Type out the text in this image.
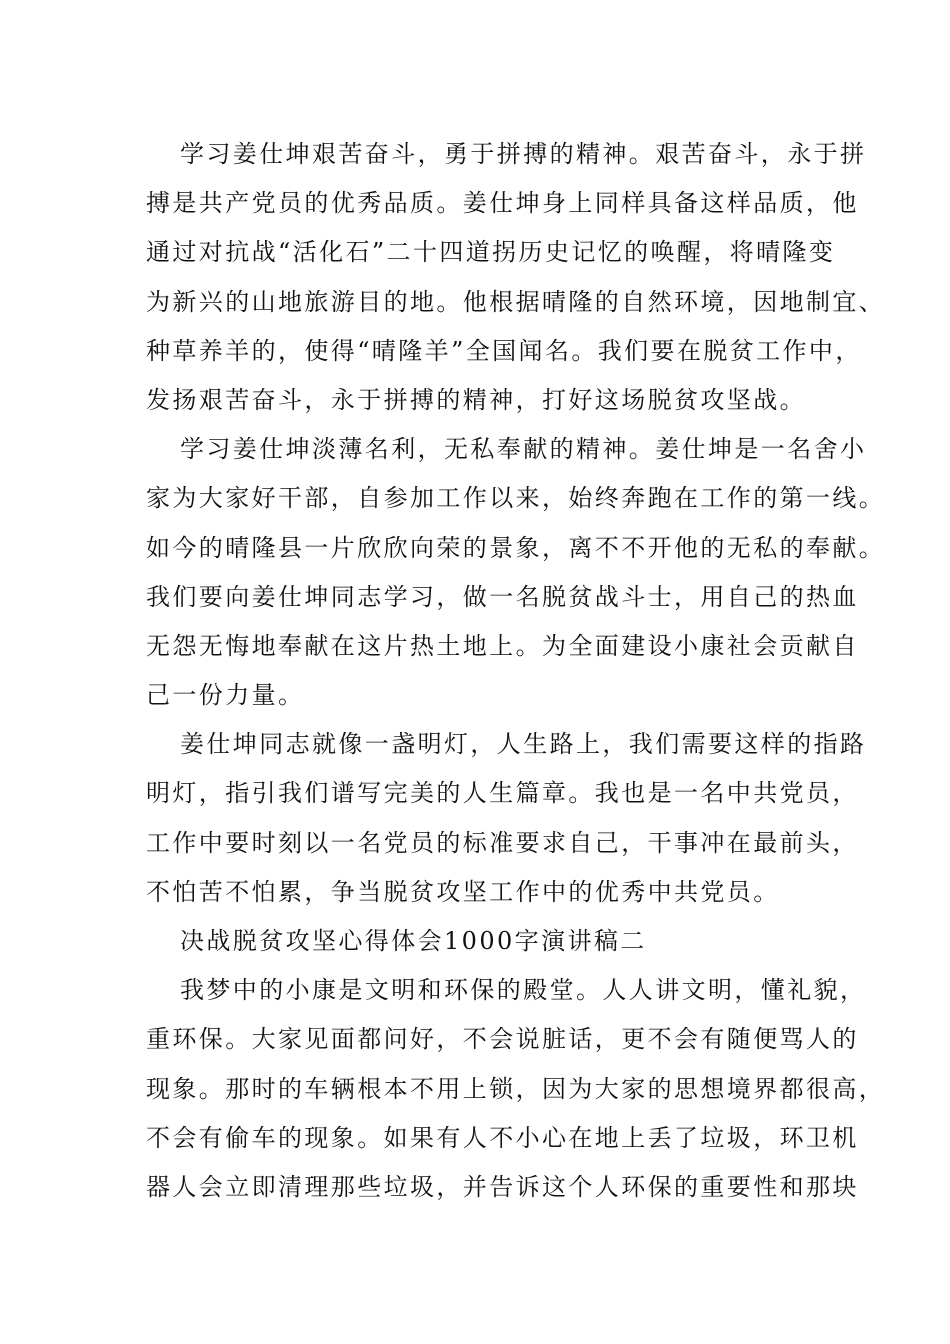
学习姜仕坤艰苦奋斗，勇于拼搏的精神。艰苦奋斗，永于拼
搏是共产党员的优秀品质。姜仕坤身上同样具备这样品质，他
通过对抗战“活化石”二十四道拐历史记忆的唤醒，将晴隆变
为新兴的山地旅游目的地。他根据晴隆的自然环境，因地制宜、
种草养羊的，使得“晴隆羊”全国闻名。我们要在脱贫工作中，
发扬艰苦奋斗，永于拼搏的精神，打好这场脱贫攻坚战。
学习姜仕坤淡薄名利，无私奉献的精神。姜仕坤是一名舍小
家为大家好干部，自参加工作以来，始终奔跑在工作的第一线。
如今的晴隆县一片欣欣向荣的景象，离不不开他的无私的奉献。
我们要向姜仕坤同志学习，做一名脱贫战斗士，用自己的热血
无怨无悔地奉献在这片热土地上。为全面建设小康社会贡献自
己一份力量。
姜仕坤同志就像一盏明灯，人生路上，我们需要这样的指路
明灯，指引我们谱写完美的人生篇章。我也是一名中共党员，
工作中要时刻以一名党员的标准要求自己，干事冲在最前头，
不怕苦不怕累，争当脱贫攻坚工作中的优秀中共党员。
决战脱贫攻坚心得体会1000字演讲稿二
我梦中的小康是文明和环保的殿堂。人人讲文明，懂礼貌，
重环保。大家见面都问好，不会说脏话，更不会有随便骂人的
现象。那时的车辆根本不用上锁，因为大家的思想境界都很高，
不会有偷车的现象。如果有人不小心在地上丢了垃圾，环卫机
器人会立即清理那些垃圾，并告诉这个人环保的重要性和那块
